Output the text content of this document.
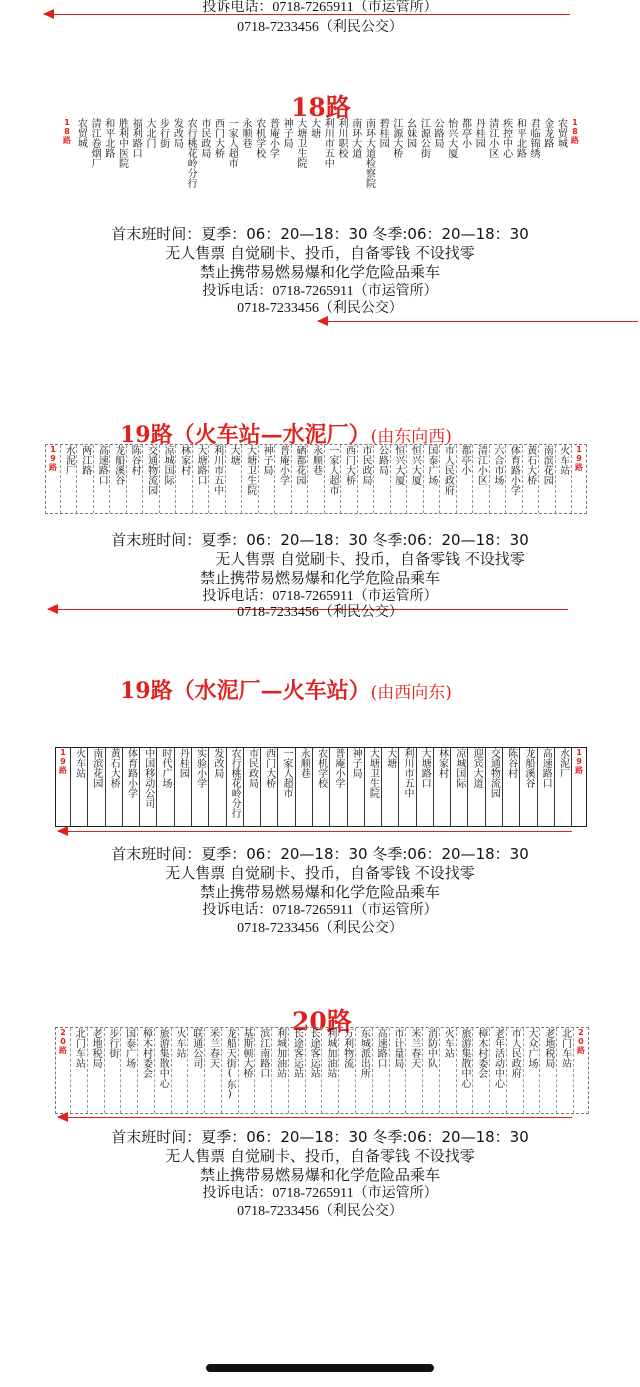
投诉电话：0718-7265911（市运管所）
0718-7233456（利民公交）
18路
18路 农贸城 清江卷烟厂 和平北路 胜利中医院 福利路口 大北门 步行街 发改局 农行桃花岭分行 市民政局 西门大桥 一家人超市 永顺巷 农机学校 普庵小学 神子局 大塘卫生院 大塘 利川市五中 利川职校 南环大道 南环大道检察院 碧桂园 江源大桥 幺妹园 江源公街 公路局 怡兴大厦 都亭小 丹桂园 清江小区 疾控中心 和平北路 君临锦绣 金龙路 农贸城 18路
首末班时间：夏季：06：20—18：30 冬季:06：20—18：30
无人售票 自觉刷卡、投币，自备零钱 不设找零
禁止携带易燃易爆和化学危险品乘车
投诉电话：0718-7265911（市运管所）
0718-7233456（利民公交）
19路（火车站—水泥厂）(由东向西)
19路 水泥厂 两江路 高速路口 龙船溪谷 陈谷村 交通物流园 凉城国际 林家村 大塘路口 利川市五中 大塘 大塘卫生院 神子局 普庵小学 硒都花园 永顺巷 一家人超市 西门大桥 市民政局 公路局 恒兴大厦 恒兴大厦 国泰广场 市人民政府 都亭小 清江小区 六合市场 体育路小学 黄石大桥 南滨花园 火车站 19路
首末班时间：夏季：06：20—18：30 冬季:06：20—18：30
无人售票 自觉刷卡、投币，自备零钱 不设找零
禁止携带易燃易爆和化学危险品乘车
投诉电话：0718-7265911（市运管所）
0718-7233456（利民公交）
19路（水泥厂—火车站）(由西向东)
19路 火车站 南滨花园 黄石大桥 体育路小学 中国移动公司 时代广场 丹桂园 实验小学 发改局 农行桃花岭分行 市民政局 西门大桥 一家人超市 永顺巷 农机学校 普庵小学 神子局 大塘卫生院 大塘 利川市五中 大塘路口 林家村 凉城国际 迎宾大道 交通物流园 陈谷村 龙船溪谷 高速路口 水泥厂 19路
首末班时间：夏季：06：20—18：30 冬季:06：20—18：30
无人售票 自觉刷卡、投币，自备零钱 不设找零
禁止携带易燃易爆和化学危险品乘车
投诉电话：0718-7265911（市运管所）
0718-7233456（利民公交）
20路
20路 北门车站 老地税局 步行街 国泰广场 樟木村委会 旅游集散中心 火车站 联通公司 米兰春天 龙船天街(东) 基斯顿大桥 滨江南路口 利城加油站 长途客运站 长途客运站 利城加油站 万利物流 东城派出所 高速路口 市计量局 米兰春天 消防中队 火车站 旅游集散中心 樟木村委会 老年活动中心 市人民政府 大众广场 老地税局 北门车站 20路
首末班时间：夏季：06：20—18：30 冬季:06：20—18：30
无人售票 自觉刷卡、投币，自备零钱 不设找零
禁止携带易燃易爆和化学危险品乘车
投诉电话：0718-7265911（市运管所）
0718-7233456（利民公交）
